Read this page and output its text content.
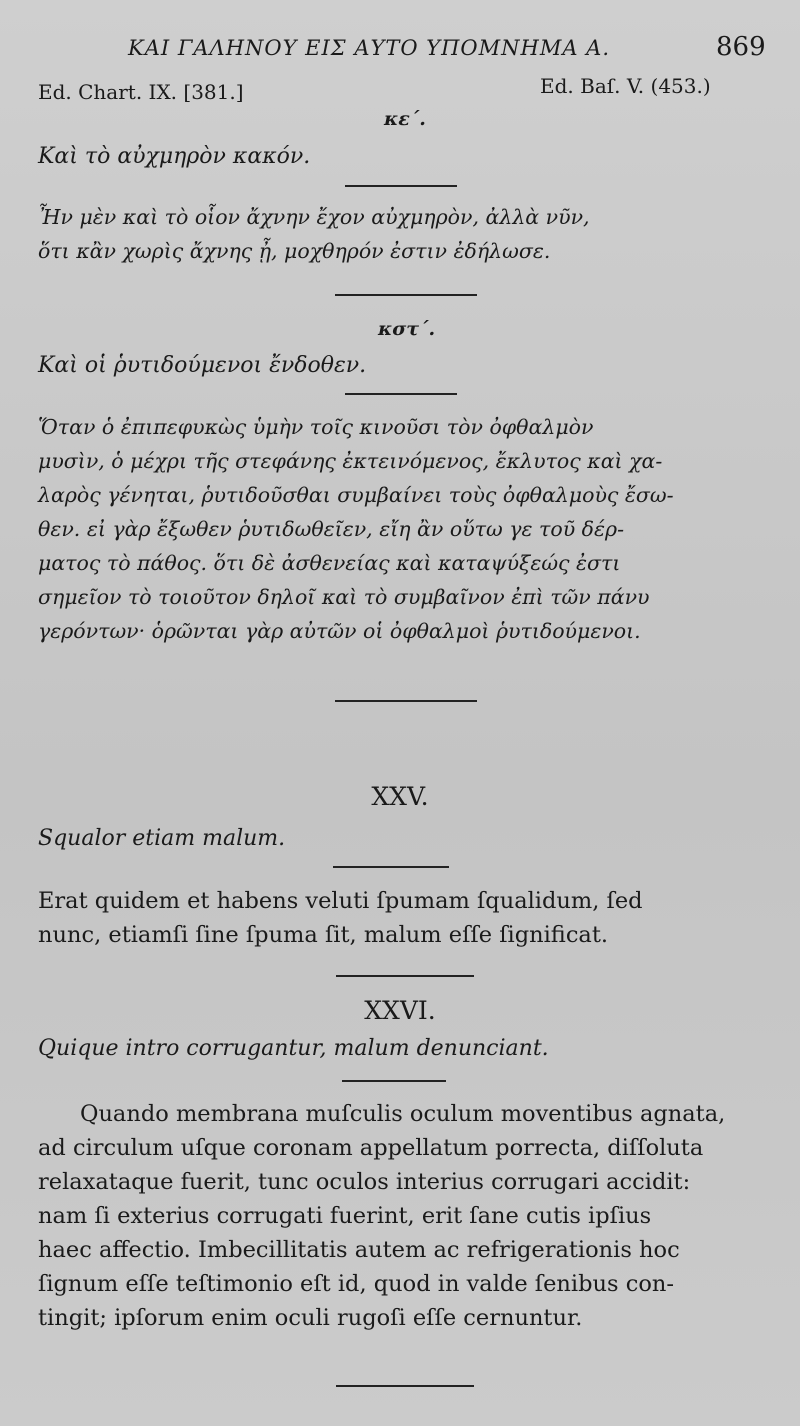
ΚΑΙ ΓΑΛΗΝΟΥ ΕΙΣ ΑΥΤΟ ΥΠΟΜΝΗΜΑ Α.	869
Ed. Chart. IX. [381.]	Ed. Baſ. V. (453.)
κε΄.
Καὶ τὸ αὐχμηρὸν κακόν.
Ἦν μὲν καὶ τὸ οἷον ἄχνην ἔχον αὐχμηρὸν, ἀλλὰ νῦν,
ὅτι κἂν χωρὶς ἄχνης ᾖ, μοχθηρόν ἐστιν ἐδήλωσε.
κστ΄.
Καὶ οἱ ῥυτιδούμενοι ἔνδοθεν.
Ὅταν ὁ ἐπιπεφυκὼς ὑμὴν τοῖς κινοῦσι τὸν ὀφθαλμὸν
μυσὶν, ὁ μέχρι τῆς στεφάνης ἐκτεινόμενος, ἔκλυτος καὶ χα-
λαρὸς γένηται, ῥυτιδοῦσθαι συμβαίνει τοὺς ὀφθαλμοὺς ἔσω-
θεν. εἰ γὰρ ἔξωθεν ῥυτιδωθεῖεν, εἴη ἂν οὕτω γε τοῦ δέρ-
ματος τὸ πάθος. ὅτι δὲ ἀσθενείας καὶ καταψύξεώς ἐστι
σημεῖον τὸ τοιοῦτον δηλοῖ καὶ τὸ συμβαῖνον ἐπὶ τῶν πάνυ
γερόντων· ὁρῶνται γὰρ αὐτῶν οἱ ὀφθαλμοὶ ῥυτιδούμενοι.
XXV.
Squalor etiam malum.
Erat quidem et habens veluti ſpumam ſqualidum, ſed
nunc, etiamſi ſine ſpuma ſit, malum eſſe ſignificat.
XXVI.
Quique intro corrugantur, malum denunciant.
Quando membrana muſculis oculum moventibus agnata,
ad circulum uſque coronam appellatum porrecta, diſſoluta
relaxataque fuerit, tunc oculos interius corrugari accidit:
nam ſi exterius corrugati fuerint, erit ſane cutis ipſius
haec affectio. Imbecillitatis autem ac refrigerationis hoc
ſignum eſſe teſtimonio eſt id, quod in valde ſenibus con-
tingit; ipſorum enim oculi rugoſi eſſe cernuntur.
